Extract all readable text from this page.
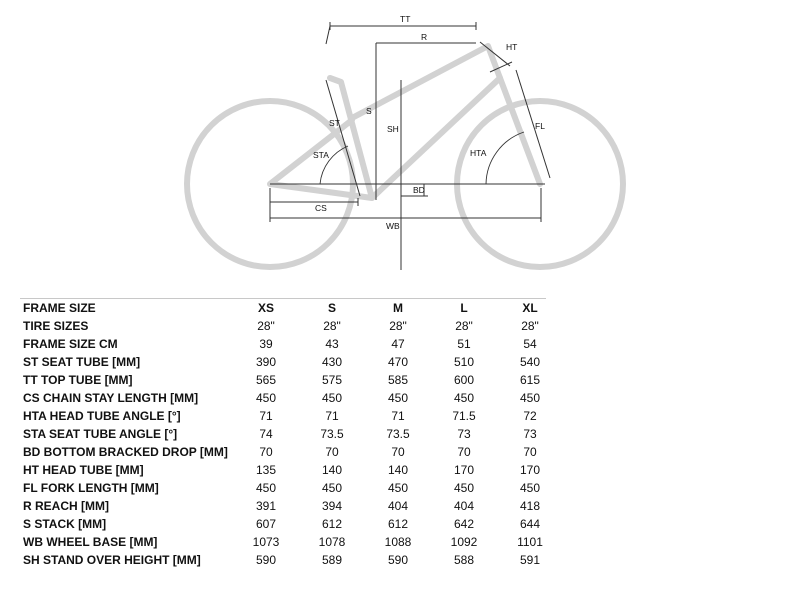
TT
R
HT
ST
S
SH
STA	HTA
FL
BD
CS
WB
FRAME SIZE	XS	S	M	L	XL
TIRE SIZES	28"	28"	28"	28"	28"
FRAME SIZE CM	39	43	47	51	54
ST SEAT TUBE [MM]	390	430	470	510	540
TT TOP TUBE [MM]	565	575	585	600	615
CS CHAIN STAY LENGTH [MM]	450	450	450	450	450
HTA HEAD TUBE ANGLE [°]	71	71	71	71.5	72
STA SEAT TUBE ANGLE [°]	74	73.5	73.5	73	73
BD BOTTOM BRACKED DROP [MM]	70	70	70	70	70
HT HEAD TUBE [MM]	135	140	140	170	170
FL FORK LENGTH [MM]	450	450	450	450	450
R REACH [MM]	391	394	404	404	418
S STACK [MM]	607	612	612	642	644
WB WHEEL BASE [MM]	1073	1078	1088	1092	1101
SH STAND OVER HEIGHT [MM]	590	589	590	588	591
